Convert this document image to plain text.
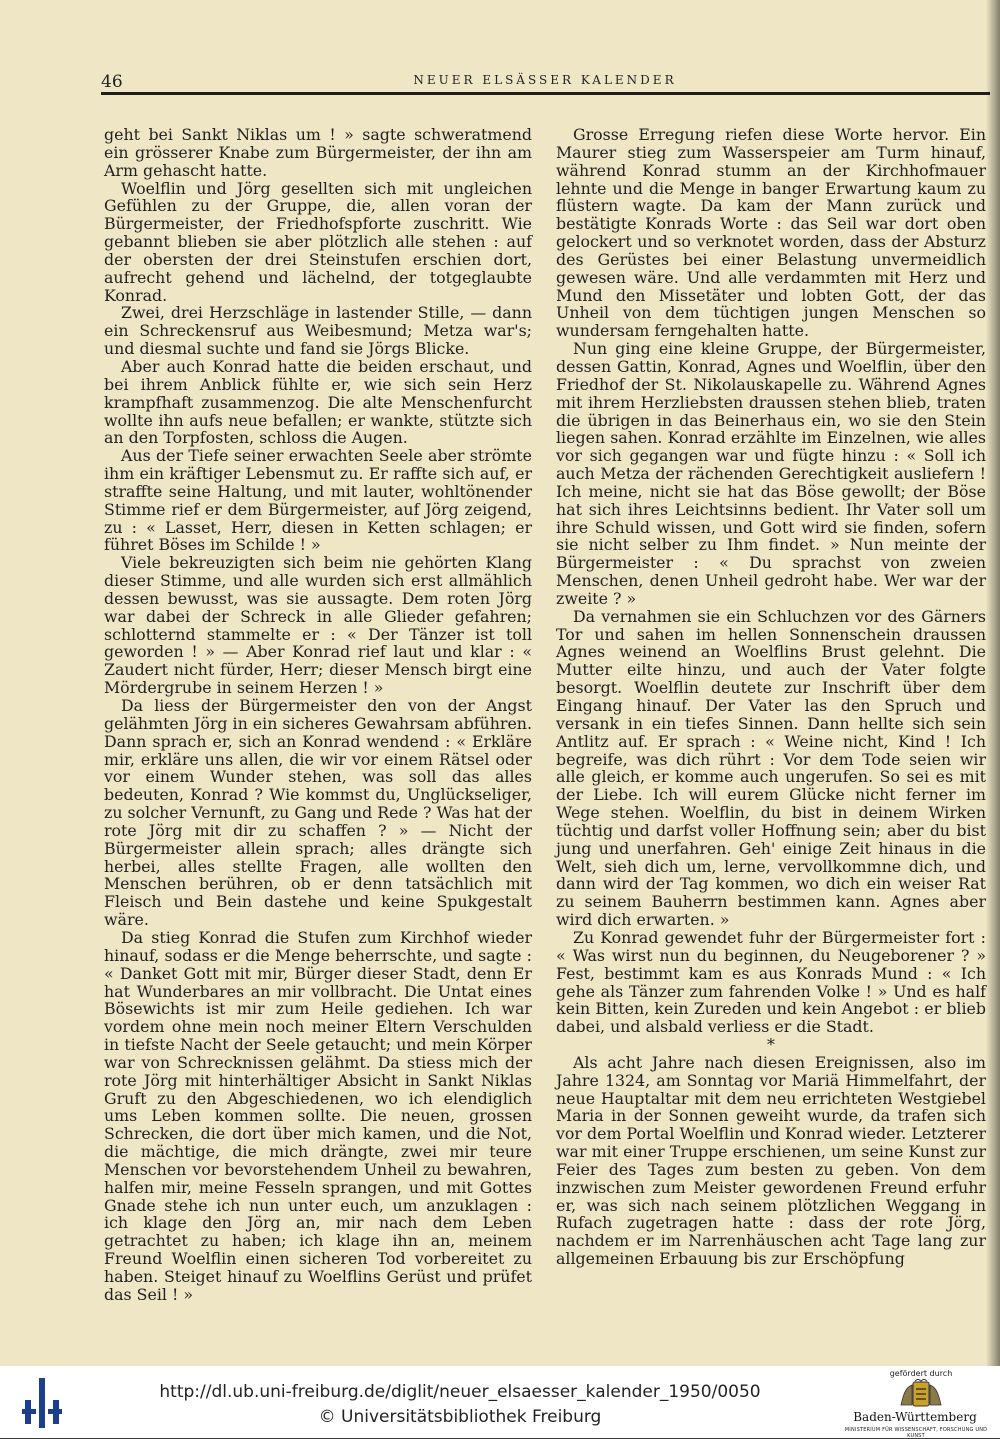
46	NEUER ELSÄSSER KALENDER

geht bei Sankt Niklas um ! » sagte schweratmend ein grösserer Knabe zum Bürgermeister, der ihn am Arm gehascht hatte.

Woelflin und Jörg gesellten sich mit ungleichen Gefühlen zu der Gruppe, die, allen voran der Bürgermeister, der Friedhofspforte zuschritt. Wie gebannt blieben sie aber plötzlich alle stehen : auf der obersten der drei Steinstufen erschien dort, aufrecht gehend und lächelnd, der totgeglaubte Konrad.

Zwei, drei Herzschläge in lastender Stille, — dann ein Schreckensruf aus Weibesmund; Metza war's; und diesmal suchte und fand sie Jörgs Blicke.

Aber auch Konrad hatte die beiden erschaut, und bei ihrem Anblick fühlte er, wie sich sein Herz krampfhaft zusammenzog. Die alte Menschenfurcht wollte ihn aufs neue befallen; er wankte, stützte sich an den Torpfosten, schloss die Augen.

Aus der Tiefe seiner erwachten Seele aber strömte ihm ein kräftiger Lebensmut zu. Er raffte sich auf, er straffte seine Haltung, und mit lauter, wohltönender Stimme rief er dem Bürgermeister, auf Jörg zeigend, zu : « Lasset, Herr, diesen in Ketten schlagen; er führet Böses im Schilde ! »

Viele bekreuzigten sich beim nie gehörten Klang dieser Stimme, und alle wurden sich erst allmählich dessen bewusst, was sie aussagte. Dem roten Jörg war dabei der Schreck in alle Glieder gefahren; schlotternd stammelte er : « Der Tänzer ist toll geworden ! » — Aber Konrad rief laut und klar : « Zaudert nicht fürder, Herr; dieser Mensch birgt eine Mördergrube in seinem Herzen ! »

Da liess der Bürgermeister den von der Angst gelähmten Jörg in ein sicheres Gewahrsam abführen. Dann sprach er, sich an Konrad wendend : « Erkläre mir, erkläre uns allen, die wir vor einem Rätsel oder vor einem Wunder stehen, was soll das alles bedeuten, Konrad ? Wie kommst du, Unglückseliger, zu solcher Vernunft, zu Gang und Rede ? Was hat der rote Jörg mit dir zu schaffen ? » — Nicht der Bürgermeister allein sprach; alles drängte sich herbei, alles stellte Fragen, alle wollten den Menschen berühren, ob er denn tatsächlich mit Fleisch und Bein dastehe und keine Spukgestalt wäre.

Da stieg Konrad die Stufen zum Kirchhof wieder hinauf, sodass er die Menge beherrschte, und sagte : « Danket Gott mit mir, Bürger dieser Stadt, denn Er hat Wunderbares an mir vollbracht. Die Untat eines Bösewichts ist mir zum Heile gediehen. Ich war vordem ohne mein noch meiner Eltern Verschulden in tiefste Nacht der Seele getaucht; und mein Körper war von Schrecknissen gelähmt. Da stiess mich der rote Jörg mit hinterhältiger Absicht in Sankt Niklas Gruft zu den Abgeschiedenen, wo ich elendiglich ums Leben kommen sollte. Die neuen, grossen Schrecken, die dort über mich kamen, und die Not, die mächtige, die mich drängte, zwei mir teure Menschen vor bevorstehendem Unheil zu bewahren, halfen mir, meine Fesseln sprangen, und mit Gottes Gnade stehe ich nun unter euch, um anzuklagen : ich klage den Jörg an, mir nach dem Leben getrachtet zu haben; ich klage ihn an, meinem Freund Woelflin einen sicheren Tod vorbereitet zu haben. Steiget hinauf zu Woelflins Gerüst und prüfet das Seil ! »

Grosse Erregung riefen diese Worte hervor. Ein Maurer stieg zum Wasserspeier am Turm hinauf, während Konrad stumm an der Kirchhofmauer lehnte und die Menge in banger Erwartung kaum zu flüstern wagte. Da kam der Mann zurück und bestätigte Konrads Worte : das Seil war dort oben gelockert und so verknotet worden, dass der Absturz des Gerüstes bei einer Belastung unvermeidlich gewesen wäre. Und alle verdammten mit Herz und Mund den Missetäter und lobten Gott, der das Unheil von dem tüchtigen jungen Menschen so wundersam ferngehalten hatte.

Nun ging eine kleine Gruppe, der Bürgermeister, dessen Gattin, Konrad, Agnes und Woelflin, über den Friedhof der St. Nikolauskapelle zu. Während Agnes mit ihrem Herzliebsten draussen stehen blieb, traten die übrigen in das Beinerhaus ein, wo sie den Stein liegen sahen. Konrad erzählte im Einzelnen, wie alles vor sich gegangen war und fügte hinzu : « Soll ich auch Metza der rächenden Gerechtigkeit ausliefern ! Ich meine, nicht sie hat das Böse gewollt; der Böse hat sich ihres Leichtsinns bedient. Ihr Vater soll um ihre Schuld wissen, und Gott wird sie finden, sofern sie nicht selber zu Ihm findet. » Nun meinte der Bürgermeister : « Du sprachst von zweien Menschen, denen Unheil gedroht habe. Wer war der zweite ? »

Da vernahmen sie ein Schluchzen vor des Gärners Tor und sahen im hellen Sonnenschein draussen Agnes weinend an Woelflins Brust gelehnt. Die Mutter eilte hinzu, und auch der Vater folgte besorgt. Woelflin deutete zur Inschrift über dem Eingang hinauf. Der Vater las den Spruch und versank in ein tiefes Sinnen. Dann hellte sich sein Antlitz auf. Er sprach : « Weine nicht, Kind ! Ich begreife, was dich rührt : Vor dem Tode seien wir alle gleich, er komme auch ungerufen. So sei es mit der Liebe. Ich will eurem Glücke nicht ferner im Wege stehen. Woelflin, du bist in deinem Wirken tüchtig und darfst voller Hoffnung sein; aber du bist jung und unerfahren. Geh' einige Zeit hinaus in die Welt, sieh dich um, lerne, vervollkommne dich, und dann wird der Tag kommen, wo dich ein weiser Rat zu seinem Bauherrn bestimmen kann. Agnes aber wird dich erwarten. »

Zu Konrad gewendet fuhr der Bürgermeister fort : « Was wirst nun du beginnen, du Neugeborener ? » Fest, bestimmt kam es aus Konrads Mund : « Ich gehe als Tänzer zum fahrenden Volke ! » Und es half kein Bitten, kein Zureden und kein Angebot : er blieb dabei, und alsbald verliess er die Stadt.

*

Als acht Jahre nach diesen Ereignissen, also im Jahre 1324, am Sonntag vor Mariä Himmelfahrt, der neue Hauptaltar mit dem neu errichteten Westgiebel Maria in der Sonnen geweiht wurde, da trafen sich vor dem Portal Woelflin und Konrad wieder. Letzterer war mit einer Truppe erschienen, um seine Kunst zur Feier des Tages zum besten zu geben. Von dem inzwischen zum Meister gewordenen Freund erfuhr er, was sich nach seinem plötzlichen Weggang in Rufach zugetragen hatte : dass der rote Jörg, nachdem er im Narrenhäuschen acht Tage lang zur allgemeinen Erbauung bis zur Erschöpfung

http://dl.ub.uni-freiburg.de/diglit/neuer_elsaesser_kalender_1950/0050
© Universitätsbibliothek Freiburg
gefördert durch
Baden-Württemberg
MINISTERIUM FÜR WISSENSCHAFT, FORSCHUNG UND KUNST
